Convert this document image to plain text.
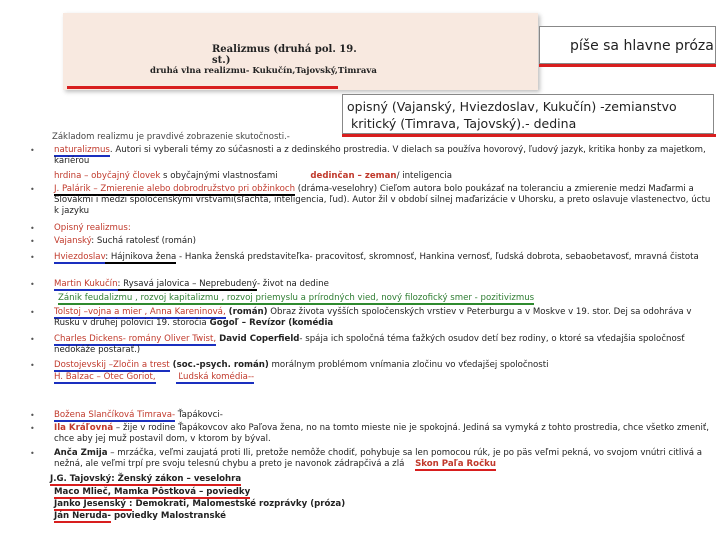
Realizmus (druhá pol. 19. st.)
druhá vlna realizmu- Kukučín,Tajovský,Timrava
píše sa hlavne próza
opisný (Vajanský, Hviezdoslav, Kukučín) -zemianstvo
kritický (Timrava, Tajovský).- dedina
Základom realizmu je pravdivé zobrazenie skutočnosti.-
• naturalizmus. Autori si vyberali témy zo súčasnosti a z dedinského prostredia. V dielach sa používa hovorový, ľudový jazyk, kritika honby za majetkom, kariérou
hrdina – obyčajný človek s obyčajnými vlastnosťami	dedinčan – zeman/ inteligencia
• J. Palárik – Zmierenie alebo dobrodružstvo pri obžinkoch (dráma-veselohry) Cieľom autora bolo poukázať na toleranciu a zmierenie medzi Maďarmi a Slovákmi i medzi spoločenskými vrstvami(šľachta, inteligencia, ľud). Autor žil v období silnej maďarizácie v Uhorsku, a preto oslavuje vlastenectvo, úctu k jazyku
• Opisný realizmus:
• Vajanský: Suchá ratolesť (román)
• Hviezdoslav: Hájnikova žena - Hanka ženská predstaviteľka- pracovitosť, skromnosť, Hankina vernosť, ľudská dobrota, sebaobetavosť, mravná čistota
• Martin Kukučín: Rysavá jalovica – Neprebudený- život na dedine
Zánik feudalizmu , rozvoj kapitalizmu , rozvoj priemyslu a prírodných vied, nový filozofický smer - pozitivizmus
• Tolstoj –vojna a mier , Anna Kareninová, (román) Obraz života vyšších spoločenských vrstiev v Peterburgu a v Moskve v 19. stor. Dej sa odohráva v Rusku v druhej polovici 19. storočia Gogoľ – Revízor (komédia
• Charles Dickens- romány Oliver Twist, David Coperfield- spája ich spoločná téma ťažkých osudov detí bez rodiny, o ktoré sa vťedajšia spoločnosť nedokáže postarať.)
• Dostojevskij –Zločin a trest (soc.-psych. román) morálnym problémom vnímania zločinu vo vťedajšej spoločnosti
H. Balzac – Otec Goriot, Ľudská komédia--
• Božena Slančíková Timrava- Ťapákovci-
• Ila Kráľovná – žije v rodine Ťapákovcov ako Paľova žena, no na tomto mieste nie je spokojná. Jediná sa vymyká z tohto prostredia, chce všetko zmeniť, chce aby jej muž postavil dom, v ktorom by býval.
• Anča Zmija – mrzáčka, veľmi zaujatá proti Ili, pretože nemôže chodiť, pohybuje sa len pomocou rúk, je po päs veľmi pekná, vo svojom vnútri citlivá a nežná, ale veľmi trpí pre svoju telesnú chybu a preto je navonok zádrapčivá a zlá Skon Paľa Ročku
J.G. Tajovský: Ženský zákon – veselohra
Maco Mlieč, Mamka Pôstková – poviedky
Janko Jesenský : Demokrati, Malomestské rozprávky (próza)
Ján Neruda- poviedky Malostranské
